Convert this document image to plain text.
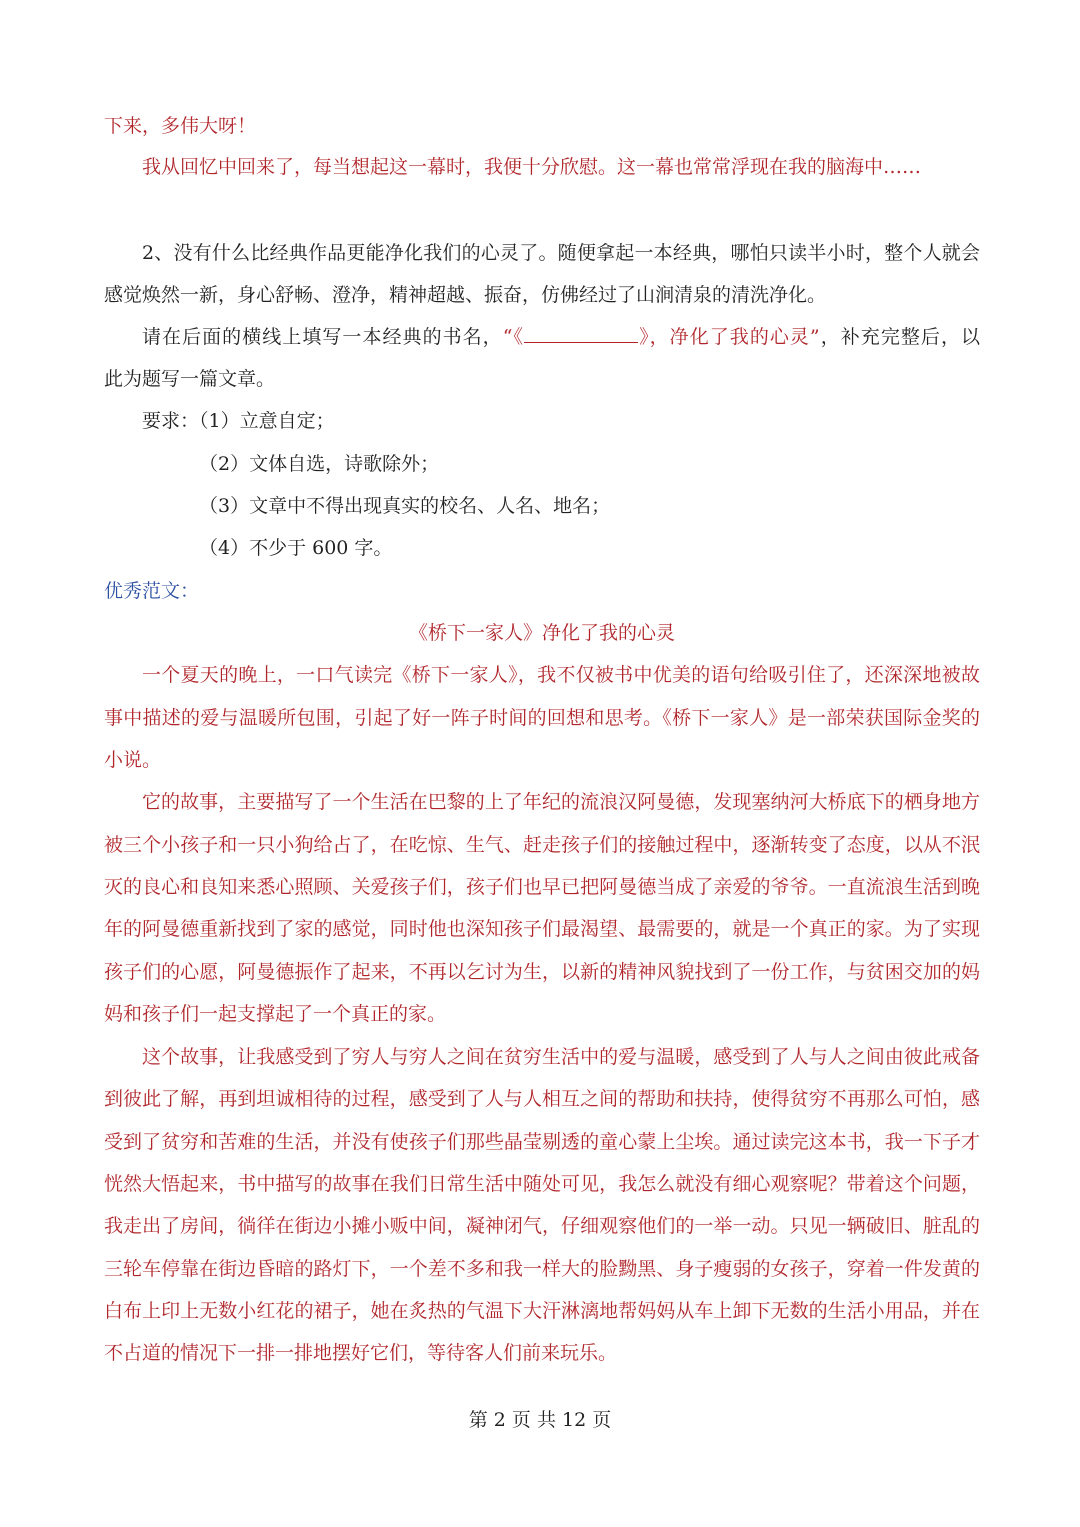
下来，多伟大呀！
我从回忆中回来了，每当想起这一幕时，我便十分欣慰。这一幕也常常浮现在我的脑海中……
2、没有什么比经典作品更能净化我们的心灵了。随便拿起一本经典，哪怕只读半小时，整个人就会
感觉焕然一新，身心舒畅、澄净，精神超越、振奋，仿佛经过了山涧清泉的清洗净化。
请在后面的横线上填写一本经典的书名，“《	》，净化了我的心灵”，补充完整后，以
此为题写一篇文章。
要求：（1）立意自定；
（2）文体自选，诗歌除外；
（3）文章中不得出现真实的校名、人名、地名；
（4）不少于 600 字。
优秀范文：
《桥下一家人》净化了我的心灵
一个夏天的晚上，一口气读完《桥下一家人》，我不仅被书中优美的语句给吸引住了，还深深地被故
事中描述的爱与温暖所包围，引起了好一阵子时间的回想和思考。《桥下一家人》是一部荣获国际金奖的
小说。
它的故事，主要描写了一个生活在巴黎的上了年纪的流浪汉阿曼德，发现塞纳河大桥底下的栖身地方
被三个小孩子和一只小狗给占了，在吃惊、生气、赶走孩子们的接触过程中，逐渐转变了态度，以从不泯
灭的良心和良知来悉心照顾、关爱孩子们，孩子们也早已把阿曼德当成了亲爱的爷爷。一直流浪生活到晚
年的阿曼德重新找到了家的感觉，同时他也深知孩子们最渴望、最需要的，就是一个真正的家。为了实现
孩子们的心愿，阿曼德振作了起来，不再以乞讨为生，以新的精神风貌找到了一份工作，与贫困交加的妈
妈和孩子们一起支撑起了一个真正的家。
这个故事，让我感受到了穷人与穷人之间在贫穷生活中的爱与温暖，感受到了人与人之间由彼此戒备
到彼此了解，再到坦诚相待的过程，感受到了人与人相互之间的帮助和扶持，使得贫穷不再那么可怕，感
受到了贫穷和苦难的生活，并没有使孩子们那些晶莹剔透的童心蒙上尘埃。通过读完这本书，我一下子才
恍然大悟起来，书中描写的故事在我们日常生活中随处可见，我怎么就没有细心观察呢？带着这个问题，
我走出了房间，徜徉在街边小摊小贩中间，凝神闭气，仔细观察他们的一举一动。只见一辆破旧、脏乱的
三轮车停靠在街边昏暗的路灯下，一个差不多和我一样大的脸黝黑、身子瘦弱的女孩子，穿着一件发黄的
白布上印上无数小红花的裙子，她在炙热的气温下大汗淋漓地帮妈妈从车上卸下无数的生活小用品，并在
不占道的情况下一排一排地摆好它们，等待客人们前来玩乐。
第 2 页 共 12 页
